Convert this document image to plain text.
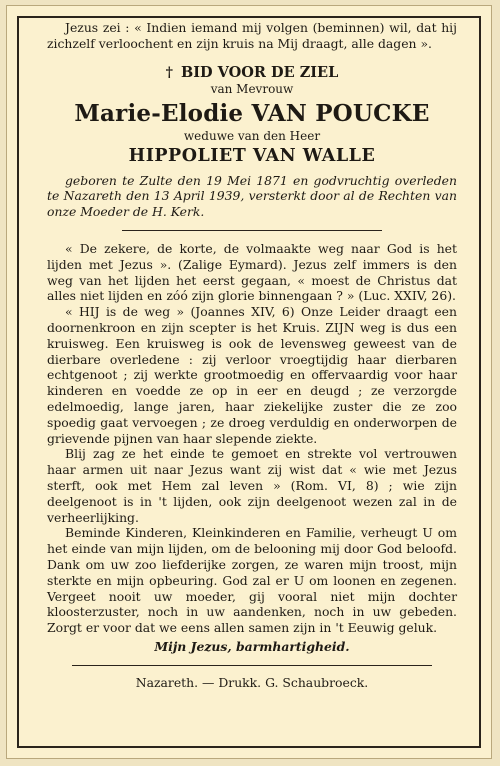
Jezus zei : « Indien iemand mij volgen (beminnen) wil, dat hij zichzelf verloochent en zijn kruis na Mij draagt, alle dagen ».

† BID VOOR DE ZIEL

van Mevrouw

Marie-Elodie VAN POUCKE

weduwe van den Heer

HIPPOLIET VAN WALLE

geboren te Zulte den 19 Mei 1871 en godvruchtig overleden te Nazareth den 13 April 1939, versterkt door al de Rechten van onze Moeder de H. Kerk.

« De zekere, de korte, de volmaakte weg naar God is het lijden met Jezus ». (Zalige Eymard). Jezus zelf immers is den weg van het lijden het eerst gegaan, « moest de Christus dat alles niet lijden en zóó zijn glorie binnengaan ? » (Luc. XXIV, 26).

« HIJ is de weg » (Joannes XIV, 6) Onze Leider draagt een doornenkroon en zijn scepter is het Kruis. ZIJN weg is dus een kruisweg. Een kruisweg is ook de levensweg geweest van de dierbare overledene : zij verloor vroegtijdig haar dierbaren echtgenoot ; zij werkte grootmoedig en offervaardig voor haar kinderen en voedde ze op in eer en deugd ; ze verzorgde edelmoedig, lange jaren, haar ziekelijke zuster die ze zoo spoedig gaat vervoegen ; ze droeg verduldig en onderworpen de grievende pijnen van haar slepende ziekte.

Blij zag ze het einde te gemoet en strekte vol vertrouwen haar armen uit naar Jezus want zij wist dat « wie met Jezus sterft, ook met Hem zal leven » (Rom. VI, 8) ; wie zijn deelgenoot is in 't lijden, ook zijn deelgenoot wezen zal in de verheerlijking.

Beminde Kinderen, Kleinkinderen en Familie, verheugt U om het einde van mijn lijden, om de belooning mij door God beloofd. Dank om uw zoo liefderijke zorgen, ze waren mijn troost, mijn sterkte en mijn opbeuring. God zal er U om loonen en zegenen. Vergeet nooit uw moeder, gij vooral niet mijn dochter kloosterzuster, noch in uw aandenken, noch in uw gebeden. Zorgt er voor dat we eens allen samen zijn in 't Eeuwig geluk.

Mijn Jezus, barmhartigheid.

Nazareth. — Drukk. G. Schaubroeck.
